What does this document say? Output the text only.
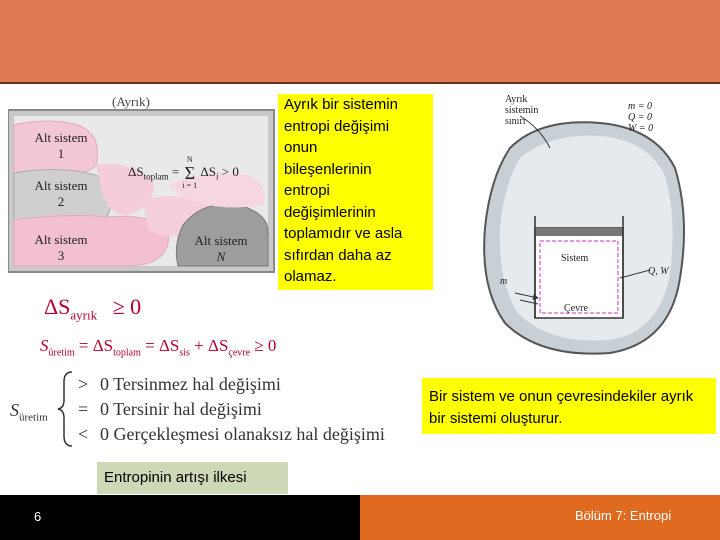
(Ayrık)
Alt sistem
1
Alt sistem
2
Alt sistem
3
Alt sistem
N
$\Delta S_{toplam}$ =
N
Σ
i = 1
$\Delta S_i > 0$
Ayrık bir sistemin
entropi değişimi
onun
bileşenlerinin
entropi
değişimlerinin
toplamıdır ve asla
sıfırdan daha az
olamaz.
$\Delta S_{ayrık} \ge 0$
$S_{üretim} = \Delta S_{toplam} = \Delta S_{sis} + \Delta S_{çevre} \ge 0$
$S_{üretim}$
> 0 Tersinmez hal değişimi
= 0 Tersinir hal değişimi
< 0 Gerçekleşmesi olanaksız hal değişimi
Ayrık
sistemin
sınırı
m = 0
Q = 0
W = 0
Sistem
Çevre
m
Q, W
Bir sistem ve onun çevresindekiler ayrık bir sistemi oluşturur.
Entropinin artışı ilkesi
6	Bölüm 7: Entropi
